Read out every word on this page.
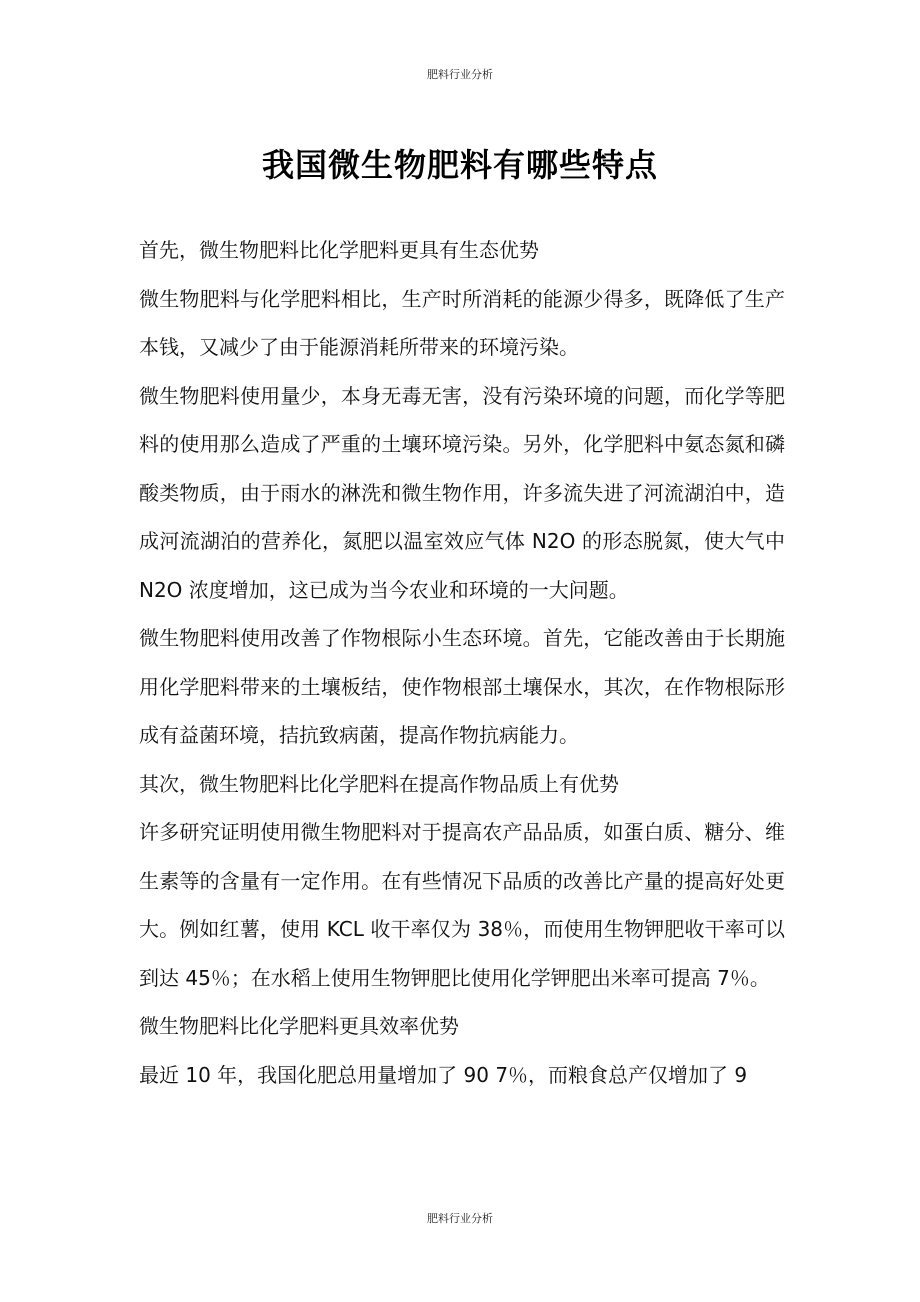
肥料行业分析
我国微生物肥料有哪些特点

首先，微生物肥料比化学肥料更具有生态优势

微生物肥料与化学肥料相比，生产时所消耗的能源少得多，既降低了生产本钱，又减少了由于能源消耗所带来的环境污染。

微生物肥料使用量少，本身无毒无害，没有污染环境的问题，而化学等肥料的使用那么造成了严重的土壤环境污染。另外，化学肥料中氨态氮和磷酸类物质，由于雨水的淋洗和微生物作用，许多流失进了河流湖泊中，造成河流湖泊的营养化，氮肥以温室效应气体 N2O 的形态脱氮，使大气中 N2O 浓度增加，这已成为当今农业和环境的一大问题。

微生物肥料使用改善了作物根际小生态环境。首先，它能改善由于长期施用化学肥料带来的土壤板结，使作物根部土壤保水，其次，在作物根际形成有益菌环境，拮抗致病菌，提高作物抗病能力。

其次，微生物肥料比化学肥料在提高作物品质上有优势

许多研究证明使用微生物肥料对于提高农产品品质，如蛋白质、糖分、维生素等的含量有一定作用。在有些情况下品质的改善比产量的提高好处更大。例如红薯，使用 KCL 收干率仅为 38％，而使用生物钾肥收干率可以到达 45％；在水稻上使用生物钾肥比使用化学钾肥出米率可提高 7％。

微生物肥料比化学肥料更具效率优势

最近 10 年，我国化肥总用量增加了 90 7％，而粮食总产仅增加了 9

肥料行业分析
